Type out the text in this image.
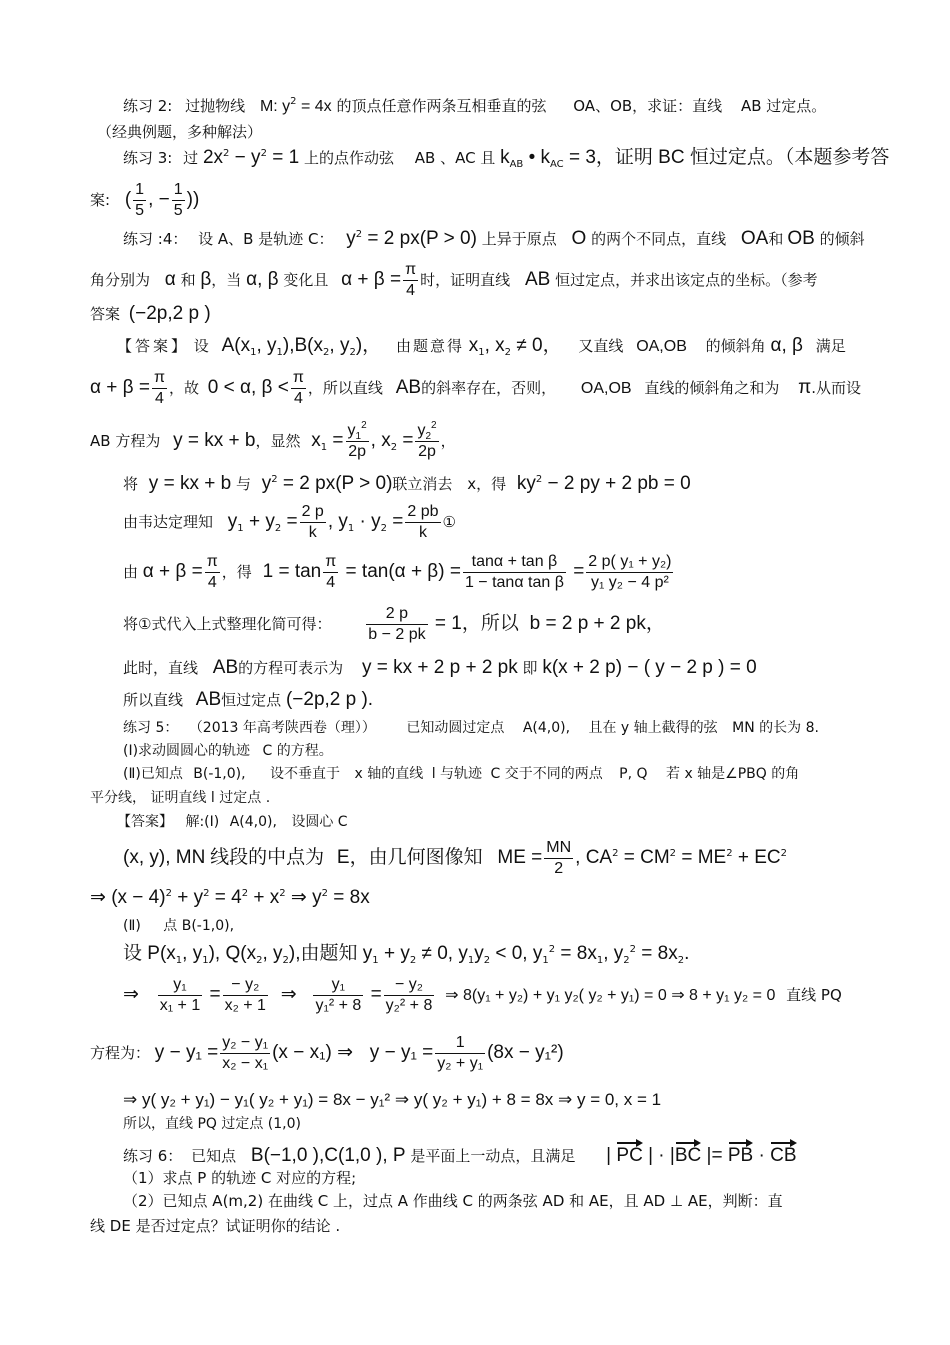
练习 2: 过抛物线 M: $y^2 = 4x$ 的顶点任意作两条互相垂直的弦 OA、OB，求证：直线 AB 过定点。
（经典例题，多种解法）
练习 3: 过 $2x^2 - y^2 = 1$ 上的点作动弦 AB 、AC 且 $k_{AB}$ • $k_{AC} = 3$，证明 BC 恒过定点。（本题参考答
案: ( $\frac{1}{5}$ , − $\frac{1}{5}$ ))
练习 :4： 设 A、B 是轨迹 C： $y^2 = 2$ px(P > 0) 上异于原点 O 的两个不同点，直线 OA和 OB 的倾斜
角分别为 α 和 β，当 α, β 变化且 $\alpha + \beta = \frac{\pi}{4}$ 时，证明直线 AB 恒过定点，并求出该定点的坐标。（参考
答案 (−2p,2 p )
【答案】 设 $A(x_1$, $y_1),B(x_2$, $y_2$)， 由题意得 $x_1$, $x_2 \ne 0$， 又直线 OA,OB 的倾斜角 α, β 满足
$\alpha + \beta = \frac{\pi}{4}$ ，故 0 < α, $\beta < \frac{\pi}{4}$ ，所以直线 AB的斜率存在，否则， OA,OB 直线的倾斜角之和为 π.从而设
AB 方程为 y = kx + b，显然 $x_1 = \frac{y_1^2}{2p}$ , $x_2 = \frac{y_2^2}{2p}$ ，
将 y = kx + b 与 $y^2 = 2$ px(P > 0)联立消去 x，得 $ky^2 - 2$ py + 2 pb = 0
由韦达定理知 $y_1 + y_2 = \frac{2 p}{k}$ , $y_1 \cdot y_2 = \frac{2 pb}{k}$ ①
由 $\alpha + \beta = \frac{\pi}{4}$ ，得 $1 = \tan \frac{\pi}{4} = \tan(\alpha + \beta) = \frac{\text{tanα + tan β}}{\text{1 − tanα tan β}} = \frac{\text{2 p( y₁ + y₂)}}{\text{y₁ y₂ − 4 p²}}$
将①式代入上式整理化简可得： $\frac{2 p}{b - 2 pk} = 1$，所以 b = 2 p + 2 pk，
此时，直线 AB的方程可表示为 y = kx + 2 p + 2 pk 即 k(x + 2 p) − ( y − 2 p ) = 0
所以直线 AB恒过定点 (−2p,2 p ).
练习 5： （2013 年高考陕西卷（理）） 已知动圆过定点 A(4,0), 且在 y 轴上截得的弦 MN 的长为 8.
(Ⅰ)求动圆圆心的轨迹 C 的方程。
(Ⅱ)已知点 B(-1,0), 设不垂直于 x 轴的直线 l 与轨迹 C 交于不同的两点 P, Q 若 x 轴是∠PBQ 的角
平分线， 证明直线 l 过定点 .
【答案】 解:(Ⅰ) A(4,0), 设圆心 C
(x, y), MN 线段的中点为 E，由几何图像知 ME = $\frac{MN}{2}$ , $CA^2 = CM^2 = ME^2 + EC^2$
⇒ $(x - 4)^2 + y^2 = 4^2 + x^2$ ⇒ $y^2 = 8x$
(Ⅱ) 点 B(-1,0),
设 $P(x_1$, $y_1$), $Q(x_2$, $y_2$),由题知 $y_1 + y_2 \ne 0$, $y_1y_2 < 0$, $y_1^2 = 8x_1$, $y_2^2 = 8x_2$.
⇒ $\frac{\text{y₁}}{\text{x₁ + 1}} = \frac{\text{− y₂}}{\text{x₂ + 1}}$ ⇒ $\frac{\text{y₁}}{\text{y₁² + 8}} = \frac{\text{− y₂}}{\text{y₂² + 8}}$ ⇒ 8(y₁ + y₂) + y₁ y₂( y₂ + y₁) = 0 ⇒ 8 + y₁ y₂ = 0 直线 PQ
方程为： $y - y_1 = \frac{\text{y₂ − y₁}}{\text{x₂ − x₁}} (x - x_1)$ ⇒ $y - y_1 = \frac{1}{\text{y₂ + y₁}} (8x - y_1^2)$
⇒ y( y₂ + y₁) − y₁( y₂ + y₁) = 8x − y₁² ⇒ y( y₂ + y₁) + 8 = 8x ⇒ y = 0, x = 1
所以，直线 PQ 过定点 (1,0)
练习 6： 已知点 B(−1,0 ),C(1,0 ), P 是平面上一动点，且满足 | PC | · |BC |= PB · CB
（1）求点 P 的轨迹 C 对应的方程;
（2）已知点 A(m,2) 在曲线 C 上，过点 A 作曲线 C 的两条弦 AD 和 AE，且 AD ⊥ AE，判断：直
线 DE 是否过定点？试证明你的结论 .
